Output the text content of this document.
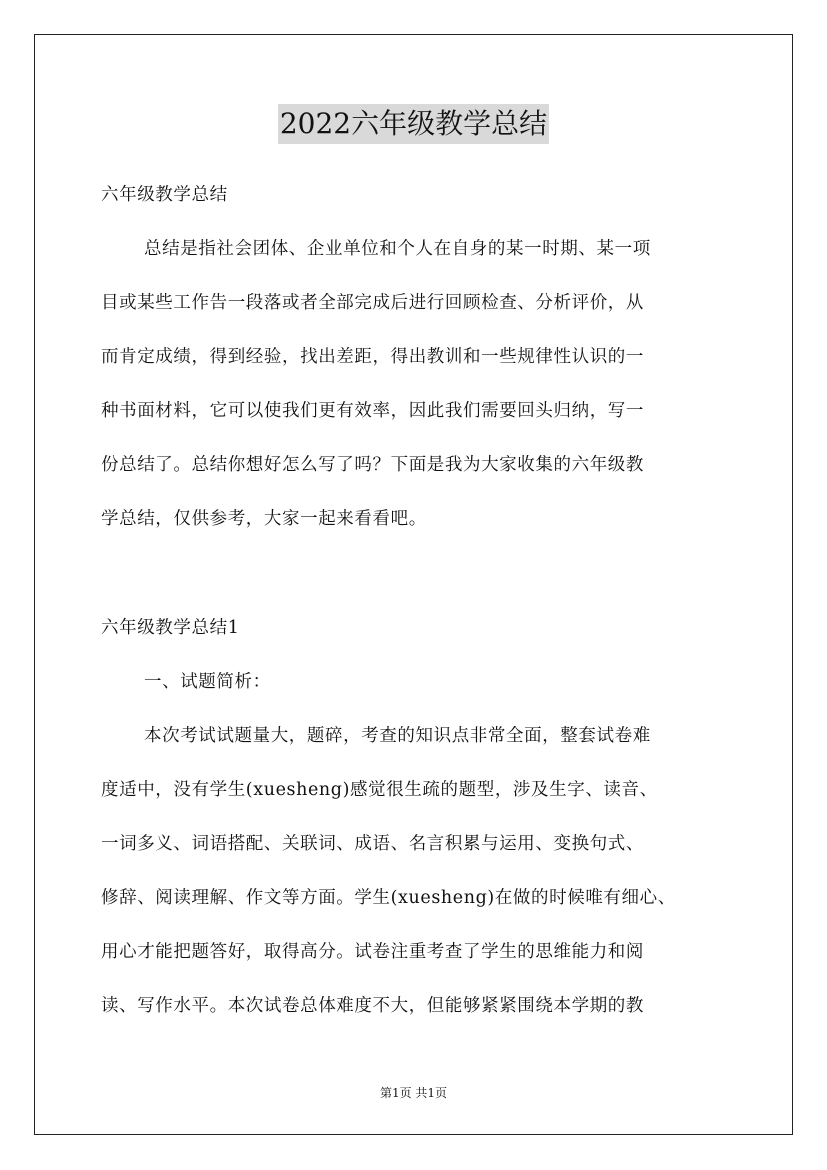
2022六年级教学总结
六年级教学总结
总结是指社会团体、企业单位和个人在自身的某一时期、某一项
目或某些工作告一段落或者全部完成后进行回顾检查、分析评价，从
而肯定成绩，得到经验，找出差距，得出教训和一些规律性认识的一
种书面材料，它可以使我们更有效率，因此我们需要回头归纳，写一
份总结了。总结你想好怎么写了吗？下面是我为大家收集的六年级教
学总结，仅供参考，大家一起来看看吧。
六年级教学总结1
一、试题简析：
本次考试试题量大，题碎，考查的知识点非常全面，整套试卷难
度适中，没有学生(xuesheng)感觉很生疏的题型，涉及生字、读音、
一词多义、词语搭配、关联词、成语、名言积累与运用、变换句式、
修辞、阅读理解、作文等方面。学生(xuesheng)在做的时候唯有细心、
用心才能把题答好，取得高分。试卷注重考查了学生的思维能力和阅
读、写作水平。本次试卷总体难度不大，但能够紧紧围绕本学期的教
第1页 共1页
